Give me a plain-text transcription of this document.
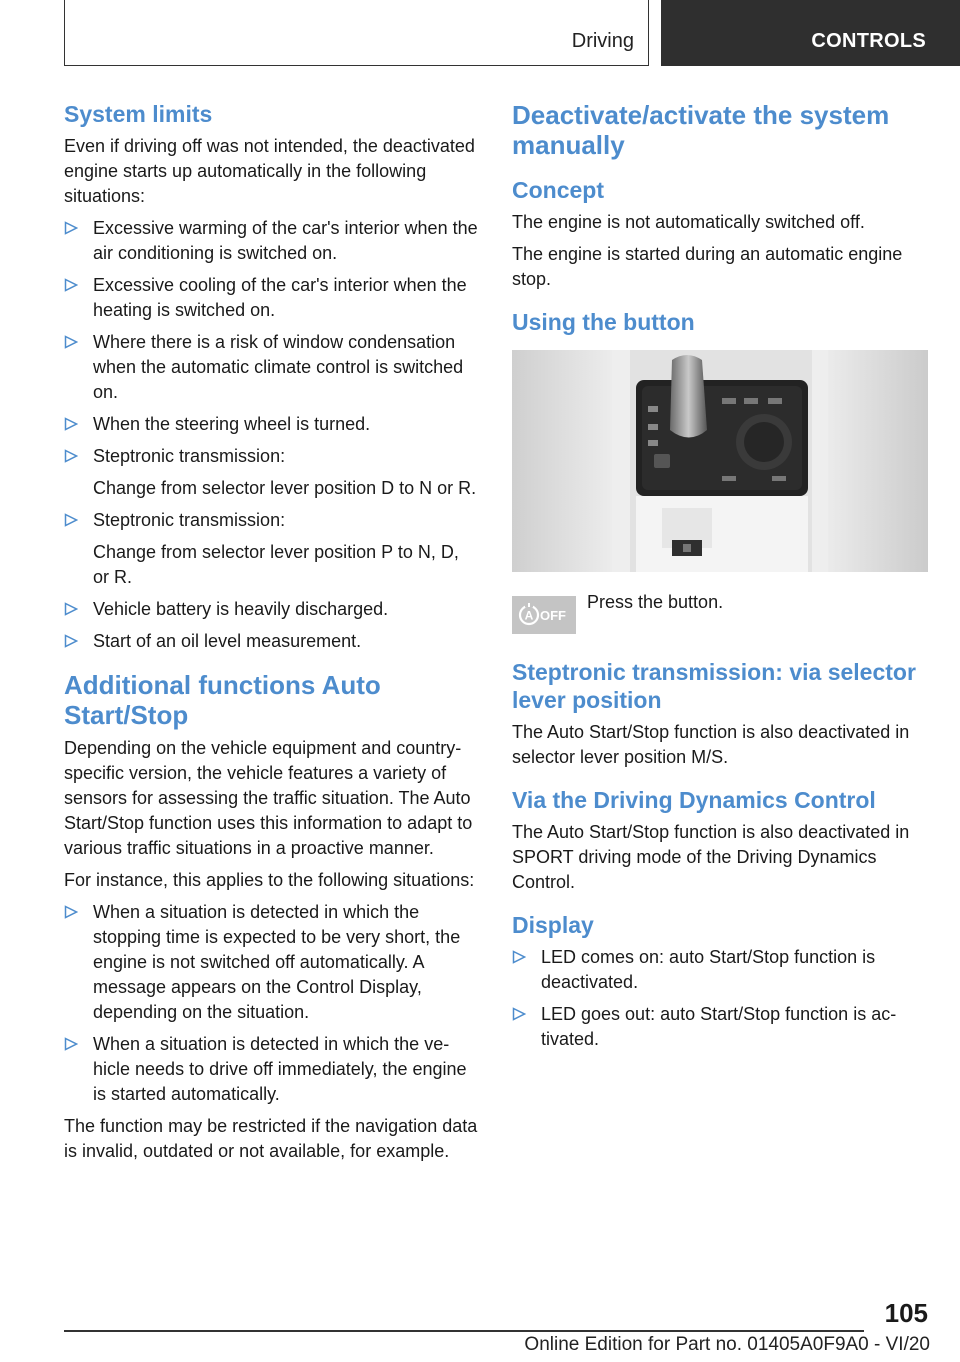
Driving	CONTROLS
System limits

Even if driving off was not intended, the deactivated engine starts up automatically in the following situations:

Excessive warming of the car's interior when the air conditioning is switched on.
Excessive cooling of the car's interior when the heating is switched on.
Where there is a risk of window condensation when the automatic climate control is switched on.
When the steering wheel is turned.
Steptronic transmission:
Change from selector lever position D to N or R.
Steptronic transmission:
Change from selector lever position P to N, D, or R.
Vehicle battery is heavily discharged.
Start of an oil level measurement.
Additional functions Auto Start/Stop

Depending on the vehicle equipment and country-specific version, the vehicle features a variety of sensors for assessing the traffic situation. The Auto Start/Stop function uses this information to adapt to various traffic situations in a proactive manner.

For instance, this applies to the following situations:

When a situation is detected in which the stopping time is expected to be very short, the engine is not switched off automatically. A message appears on the Control Display, depending on the situation.
When a situation is detected in which the vehicle needs to drive off immediately, the engine is started automatically.

The function may be restricted if the navigation data is invalid, outdated or not available, for example.

Deactivate/activate the system manually
Concept

The engine is not automatically switched off.

The engine is started during an automatic engine stop.

Using the button
A OFF

Press the button.

Steptronic transmission: via selector lever position

The Auto Start/Stop function is also deactivated in selector lever position M/S.

Via the Driving Dynamics Control

The Auto Start/Stop function is also deactivated in SPORT driving mode of the Driving Dynamics Control.

Display
LED comes on: auto Start/Stop function is deactivated.
LED goes out: auto Start/Stop function is activated.
105
Online Edition for Part no. 01405A0F9A0 - VI/20
